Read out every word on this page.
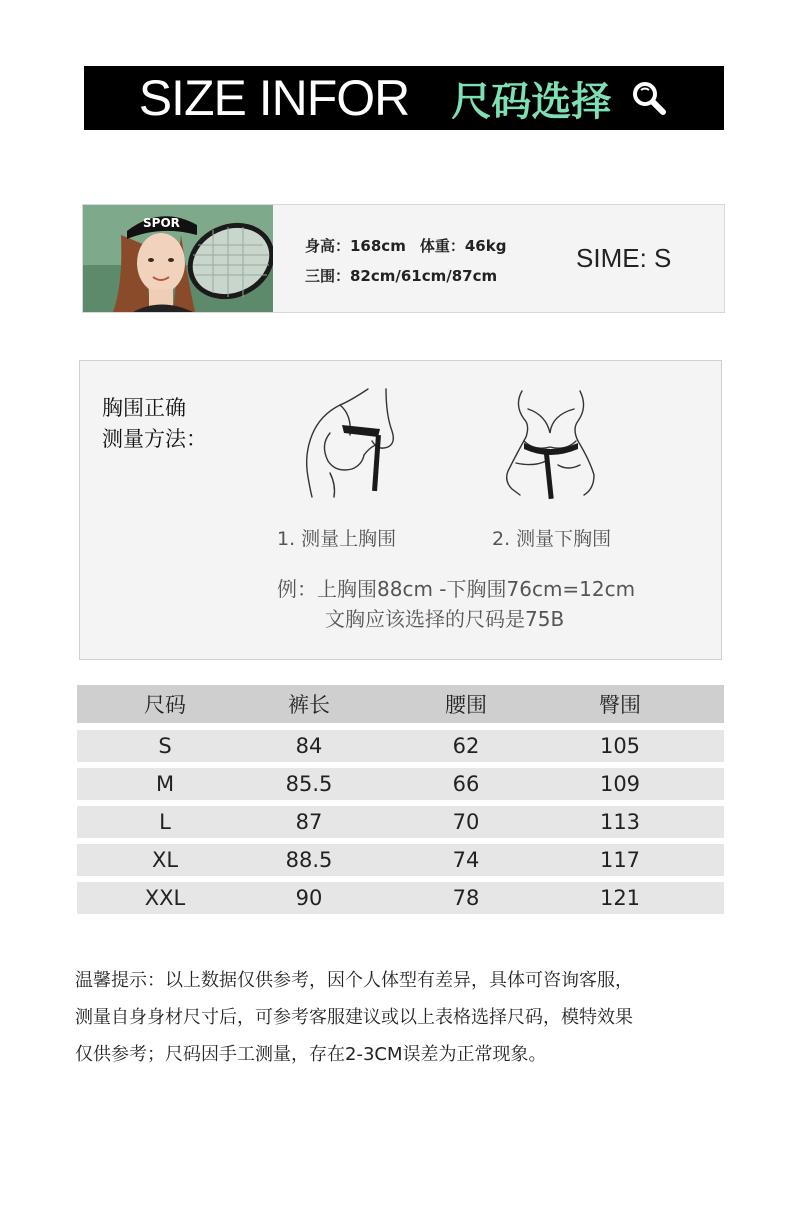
SIZE INFOR 尺码选择
SPOR
身高：168cm 体重：46kg
三围：82cm/61cm/87cm
SIME: S
胸围正确
测量方法：
1. 测量上胸围	2. 测量下胸围
例：上胸围88cm -下胸围76cm=12cm
文胸应该选择的尺码是75B
尺码	裤长	腰围	臀围
S	84	62	105
M	85.5	66	109
L	87	70	113
XL	88.5	74	117
XXL	90	78	121
温馨提示：以上数据仅供参考，因个人体型有差异，具体可咨询客服，
测量自身身材尺寸后，可参考客服建议或以上表格选择尺码，模特效果
仅供参考；尺码因手工测量，存在2-3CM误差为正常现象。
